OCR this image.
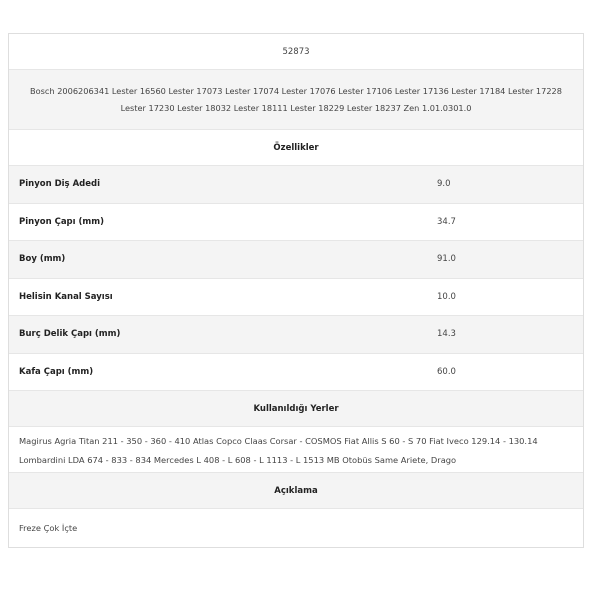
52873
Bosch 2006206341 Lester 16560 Lester 17073 Lester 17074 Lester 17076 Lester 17106 Lester 17136 Lester 17184 Lester 17228 Lester 17230 Lester 18032 Lester 18111 Lester 18229 Lester 18237 Zen 1.01.0301.0
Özellikler
Pinyon Diş Adedi	9.0
Pinyon Çapı (mm)	34.7
Boy (mm)	91.0
Helisin Kanal Sayısı	10.0
Burç Delik Çapı (mm)	14.3
Kafa Çapı (mm)	60.0
Kullanıldığı Yerler
Magirus Agria Titan 211 - 350 - 360 - 410 Atlas Copco Claas Corsar - COSMOS Fiat Allis S 60 - S 70 Fiat Iveco 129.14 - 130.14 Lombardini LDA 674 - 833 - 834 Mercedes L 408 - L 608 - L 1113 - L 1513 MB Otobüs Same Ariete, Drago
Açıklama
Freze Çok İçte
